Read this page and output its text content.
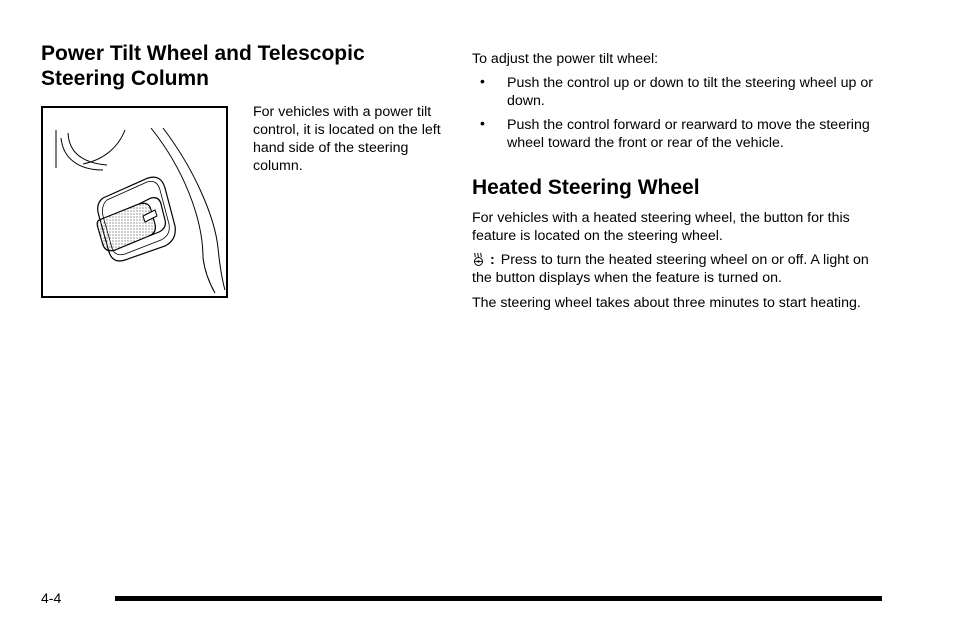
Power Tilt Wheel and Telescopic Steering Column

For vehicles with a power tilt control, it is located on the left hand side of the steering column.

To adjust the power tilt wheel:

• Push the control up or down to tilt the steering wheel up or down.
• Push the control forward or rearward to move the steering wheel toward the front or rear of the vehicle.
Heated Steering Wheel

For vehicles with a heated steering wheel, the button for this feature is located on the steering wheel.

: Press to turn the heated steering wheel on or off. A light on the button displays when the feature is turned on.

The steering wheel takes about three minutes to start heating.

4-4
